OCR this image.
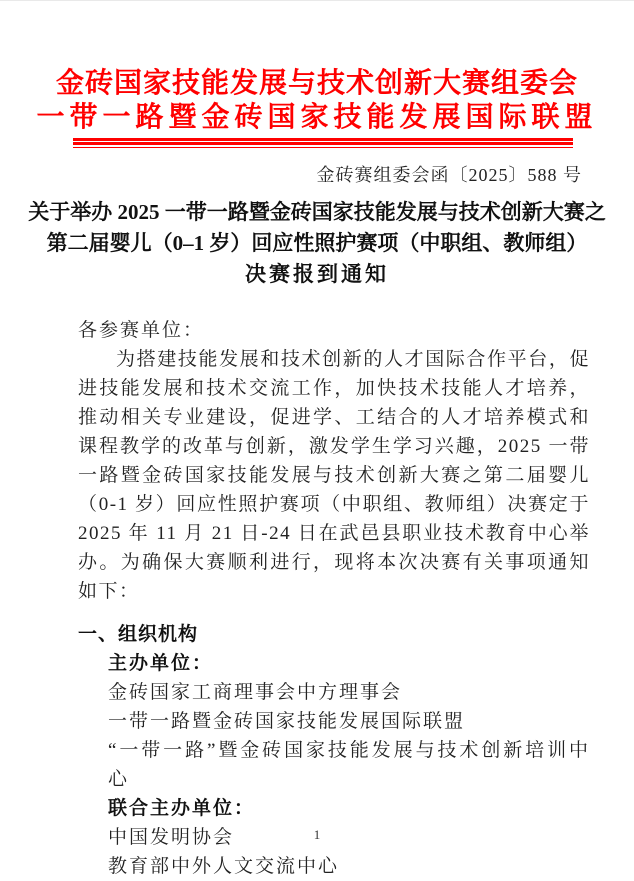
金砖国家技能发展与技术创新大赛组委会
一带一路暨金砖国家技能发展国际联盟
金砖赛组委会函〔2025〕588 号
关于举办 2025 一带一路暨金砖国家技能发展与技术创新大赛之
第二届婴儿（0–1 岁）回应性照护赛项（中职组、教师组）
决赛报到通知
各参赛单位：
为搭建技能发展和技术创新的人才国际合作平台，促进技能发展和技术交流工作，加快技术技能人才培养，推动相关专业建设，促进学、工结合的人才培养模式和课程教学的改革与创新，激发学生学习兴趣，2025 一带一路暨金砖国家技能发展与技术创新大赛之第二届婴儿（0-1 岁）回应性照护赛项（中职组、教师组）决赛定于 2025 年 11 月 21 日-24 日在武邑县职业技术教育中心举办。为确保大赛顺利进行，现将本次决赛有关事项通知如下：
一、组织机构
主办单位：
金砖国家工商理事会中方理事会
一带一路暨金砖国家技能发展国际联盟
“一带一路”暨金砖国家技能发展与技术创新培训中心
联合主办单位：
中国发明协会
教育部中外人文交流中心
1
